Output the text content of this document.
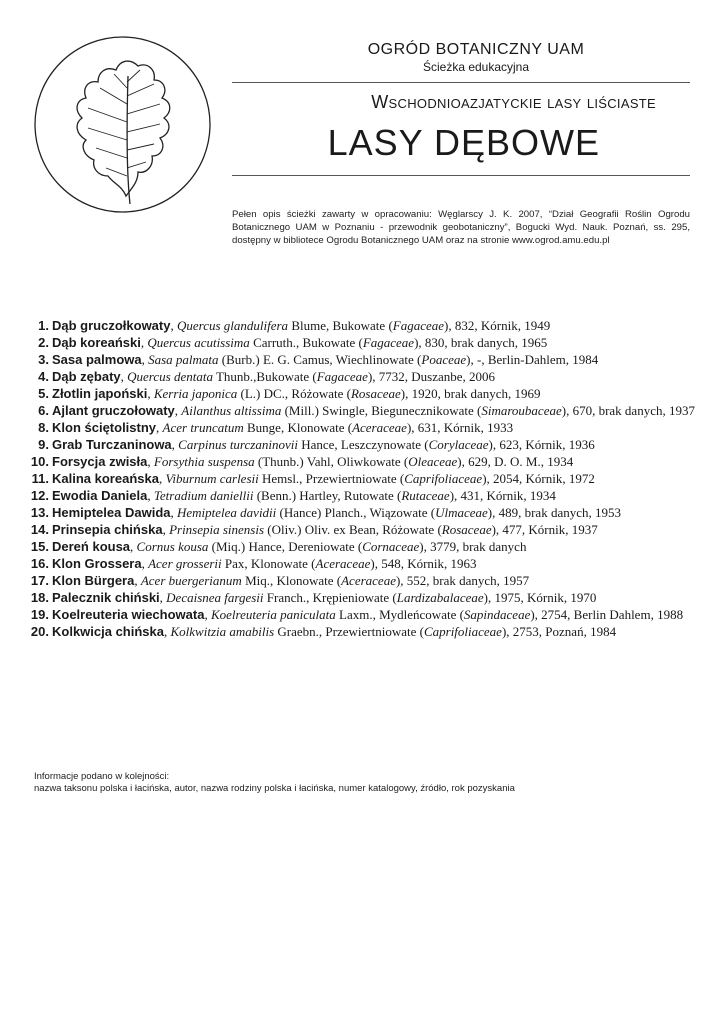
OGRÓD BOTANICZNY UAM
Ścieżka edukacyjna
Wschodnioazjatyckie lasy liściaste
LASY DĘBOWE
Pełen opis ścieżki zawarty w opracowaniu: Węglarscy J. K. 2007, “Dział Geografii Roślin Ogrodu Botanicznego UAM w Poznaniu - przewodnik geobotaniczny”, Bogucki Wyd. Nauk. Poznań, ss. 295, dostępny w bibliotece Ogrodu Botanicznego UAM oraz na stronie www.ogrod.amu.edu.pl
1. Dąb gruczołkowaty, Quercus glandulifera Blume, Bukowate (Fagaceae), 832, Kórnik, 1949
2. Dąb koreański, Quercus acutissima Carruth., Bukowate (Fagaceae), 830, brak danych, 1965
3. Sasa palmowa, Sasa palmata (Burb.) E. G. Camus, Wiechlinowate (Poaceae), -, Berlin-Dahlem, 1984
4. Dąb zębaty, Quercus dentata Thunb.,Bukowate (Fagaceae), 7732, Duszanbe, 2006
5. Złotlin japoński, Kerria japonica (L.) DC., Różowate (Rosaceae), 1920, brak danych, 1969
6. Ajlant gruczołowaty, Ailanthus altissima (Mill.) Swingle, Biegunecznikowate (Simaroubaceae), 670, brak danych, 1937
8. Klon ściętolistny, Acer truncatum Bunge, Klonowate (Aceraceae), 631, Kórnik, 1933
9. Grab Turczaninowa, Carpinus turczaninovii Hance, Leszczynowate (Corylaceae), 623, Kórnik, 1936
10. Forsycja zwisła, Forsythia suspensa (Thunb.) Vahl, Oliwkowate (Oleaceae), 629, D. O. M., 1934
11. Kalina koreańska, Viburnum carlesii Hemsl., Przewiertniowate (Caprifoliaceae), 2054, Kórnik, 1972
12. Ewodia Daniela, Tetradium daniellii (Benn.) Hartley, Rutowate (Rutaceae), 431, Kórnik, 1934
13. Hemiptelea Dawida, Hemiptelea davidii (Hance) Planch., Wiązowate (Ulmaceae), 489, brak danych, 1953
14. Prinsepia chińska, Prinsepia sinensis (Oliv.) Oliv. ex Bean, Różowate (Rosaceae), 477, Kórnik, 1937
15. Dereń kousa, Cornus kousa (Miq.) Hance, Dereniowate (Cornaceae), 3779, brak danych
16. Klon Grossera, Acer grosserii Pax, Klonowate (Aceraceae), 548, Kórnik, 1963
17. Klon Bürgera, Acer buergerianum Miq., Klonowate (Aceraceae), 552, brak danych, 1957
18. Palecznik chiński, Decaisnea fargesii Franch., Krępieniowate (Lardizabalaceae), 1975, Kórnik, 1970
19. Koelreuteria wiechowata, Koelreuteria paniculata Laxm., Mydleńcowate (Sapindaceae), 2754, Berlin Dahlem, 1988
20. Kolkwicja chińska, Kolkwitzia amabilis Graebn., Przewiertniowate (Caprifoliaceae), 2753, Poznań, 1984
Informacje podano w kolejności:
nazwa taksonu polska i łacińska, autor, nazwa rodziny polska i łacińska, numer katalogowy, źródło, rok pozyskania
